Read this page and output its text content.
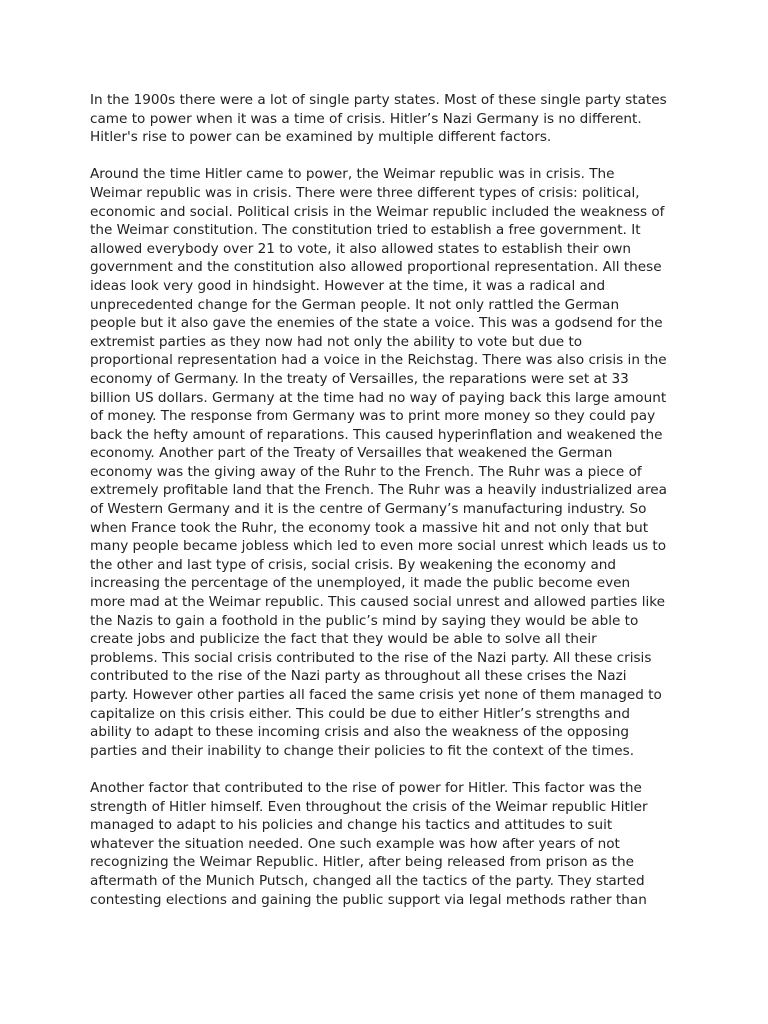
In the 1900s there were a lot of single party states. Most of these single party states
came to power when it was a time of crisis. Hitler’s Nazi Germany is no different.
Hitler's rise to power can be examined by multiple different factors.

Around the time Hitler came to power, the Weimar republic was in crisis. The
Weimar republic was in crisis. There were three different types of crisis: political,
economic and social. Political crisis in the Weimar republic included the weakness of
the Weimar constitution. The constitution tried to establish a free government. It
allowed everybody over 21 to vote, it also allowed states to establish their own
government and the constitution also allowed proportional representation. All these
ideas look very good in hindsight. However at the time, it was a radical and
unprecedented change for the German people. It not only rattled the German
people but it also gave the enemies of the state a voice. This was a godsend for the
extremist parties as they now had not only the ability to vote but due to
proportional representation had a voice in the Reichstag. There was also crisis in the
economy of Germany. In the treaty of Versailles, the reparations were set at 33
billion US dollars. Germany at the time had no way of paying back this large amount
of money. The response from Germany was to print more money so they could pay
back the hefty amount of reparations. This caused hyperinflation and weakened the
economy. Another part of the Treaty of Versailles that weakened the German
economy was the giving away of the Ruhr to the French. The Ruhr was a piece of
extremely profitable land that the French. The Ruhr was a heavily industrialized area
of Western Germany and it is the centre of Germany’s manufacturing industry. So
when France took the Ruhr, the economy took a massive hit and not only that but
many people became jobless which led to even more social unrest which leads us to
the other and last type of crisis, social crisis. By weakening the economy and
increasing the percentage of the unemployed, it made the public become even
more mad at the Weimar republic. This caused social unrest and allowed parties like
the Nazis to gain a foothold in the public’s mind by saying they would be able to
create jobs and publicize the fact that they would be able to solve all their
problems. This social crisis contributed to the rise of the Nazi party. All these crisis
contributed to the rise of the Nazi party as throughout all these crises the Nazi
party. However other parties all faced the same crisis yet none of them managed to
capitalize on this crisis either. This could be due to either Hitler’s strengths and
ability to adapt to these incoming crisis and also the weakness of the opposing
parties and their inability to change their policies to fit the context of the times.

Another factor that contributed to the rise of power for Hitler. This factor was the
strength of Hitler himself. Even throughout the crisis of the Weimar republic Hitler
managed to adapt to his policies and change his tactics and attitudes to suit
whatever the situation needed. One such example was how after years of not
recognizing the Weimar Republic. Hitler, after being released from prison as the
aftermath of the Munich Putsch, changed all the tactics of the party. They started
contesting elections and gaining the public support via legal methods rather than
